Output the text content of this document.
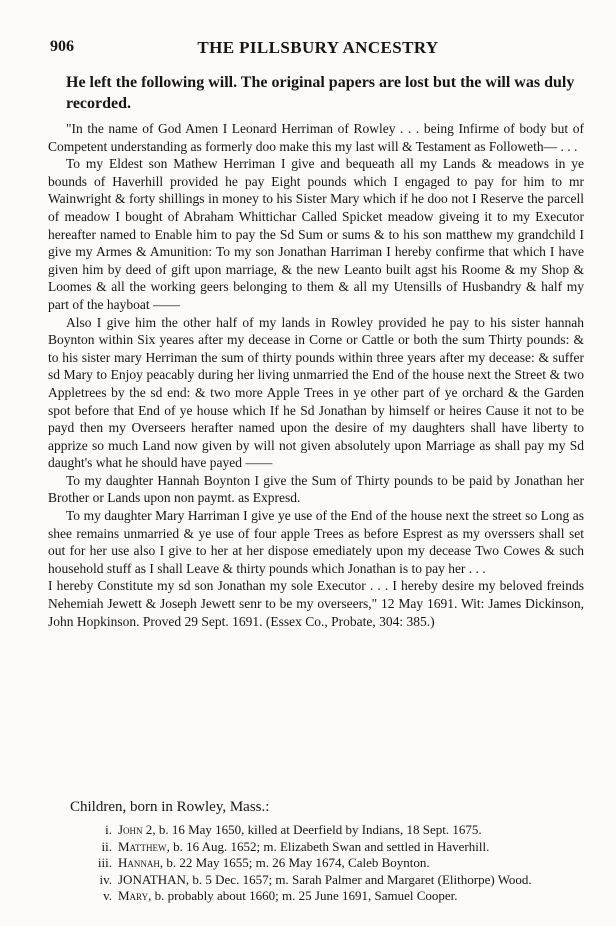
906	THE PILLSBURY ANCESTRY
He left the following will. The original papers are lost but the will was duly recorded.

"In the name of God Amen I Leonard Herriman of Rowley . . . being Infirme of body but of Competent understanding as formerly doo make this my last will & Testament as Followeth— . . .

To my Eldest son Mathew Herriman I give and bequeath all my Lands & meadows in ye bounds of Haverhill provided he pay Eight pounds which I engaged to pay for him to mr Wainwright & forty shillings in money to his Sister Mary which if he doo not I Reserve the parcell of meadow I bought of Abraham Whittichar Called Spicket meadow giveing it to my Executor hereafter named to Enable him to pay the Sd Sum or sums & to his son matthew my grandchild I give my Armes & Amunition: To my son Jonathan Harriman I hereby confirme that which I have given him by deed of gift upon marriage, & the new Leanto built agst his Roome & my Shop & Loomes & all the working geers belonging to them & all my Utensills of Husbandry & half my part of the hayboat ——

Also I give him the other half of my lands in Rowley provided he pay to his sister hannah Boynton within Six yeares after my decease in Corne or Cattle or both the sum Thirty pounds: & to his sister mary Herriman the sum of thirty pounds within three years after my decease: & suffer sd Mary to Enjoy peacably during her living unmarried the End of the house next the Street & two Appletrees by the sd end: & two more Apple Trees in ye other part of ye orchard & the Garden spot before that End of ye house which If he Sd Jonathan by himself or heires Cause it not to be payd then my Overseers herafter named upon the desire of my daughters shall have liberty to apprize so much Land now given by will not given absolutely upon Marriage as shall pay my Sd daught's what he should have payed ——

To my daughter Hannah Boynton I give the Sum of Thirty pounds to be paid by Jonathan her Brother or Lands upon non paymt. as Expresd.

To my daughter Mary Harriman I give ye use of the End of the house next the street so Long as shee remains unmarried & ye use of four apple Trees as before Esprest as my overssers shall set out for her use also I give to her at her dispose emediately upon my decease Two Cowes & such household stuff as I shall Leave & thirty pounds which Jonathan is to pay her . . .

I hereby Constitute my sd son Jonathan my sole Executor . . . I hereby desire my beloved freinds Nehemiah Jewett & Joseph Jewett senr to be my overseers," 12 May 1691. Wit: James Dickinson, John Hopkinson. Proved 29 Sept. 1691. (Essex Co., Probate, 304: 385.)

Children, born in Rowley, Mass.:
i. John 2, b. 16 May 1650, killed at Deerfield by Indians, 18 Sept. 1675.
ii. Matthew, b. 16 Aug. 1652; m. Elizabeth Swan and settled in Haverhill.
iii. Hannah, b. 22 May 1655; m. 26 May 1674, Caleb Boynton.
iv. JONATHAN, b. 5 Dec. 1657; m. Sarah Palmer and Margaret (Elithorpe) Wood.
v. Mary, b. probably about 1660; m. 25 June 1691, Samuel Cooper.
